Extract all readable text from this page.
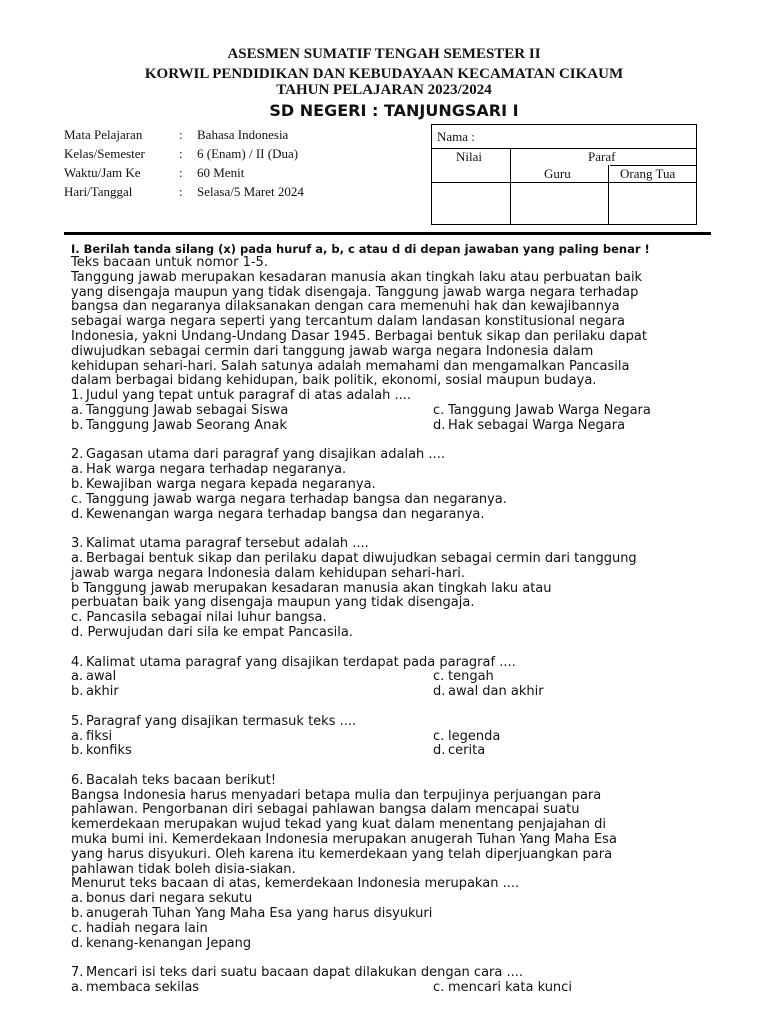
ASESMEN SUMATIF TENGAH SEMESTER II
KORWIL PENDIDIKAN DAN KEBUDAYAAN KECAMATAN CIKAUM
TAHUN PELAJARAN 2023/2024
SD NEGERI : TANJUNGSARI I
Mata Pelajaran	: Bahasa Indonesia
Kelas/Semester	: 6 (Enam) / II (Dua)
Waktu/Jam Ke	: 60 Menit
Hari/Tanggal	: Selasa/5 Maret 2024
Nama :
Nilai	Paraf
Guru	Orang Tua
I. Berilah tanda silang (x) pada huruf a, b, c atau d di depan jawaban yang paling benar !
Teks bacaan untuk nomor 1-5.
Tanggung jawab merupakan kesadaran manusia akan tingkah laku atau perbuatan baik
yang disengaja maupun yang tidak disengaja. Tanggung jawab warga negara terhadap
bangsa dan negaranya dilaksanakan dengan cara memenuhi hak dan kewajibannya
sebagai warga negara seperti yang tercantum dalam landasan konstitusional negara
Indonesia, yakni Undang-Undang Dasar 1945. Berbagai bentuk sikap dan perilaku dapat
diwujudkan sebagai cermin dari tanggung jawab warga negara Indonesia dalam
kehidupan sehari-hari. Salah satunya adalah memahami dan mengamalkan Pancasila
dalam berbagai bidang kehidupan, baik politik, ekonomi, sosial maupun budaya.
1. Judul yang tepat untuk paragraf di atas adalah ....
a. Tanggung Jawab sebagai Siswa	c. Tanggung Jawab Warga Negara
b. Tanggung Jawab Seorang Anak	d. Hak sebagai Warga Negara
2. Gagasan utama dari paragraf yang disajikan adalah ....
a. Hak warga negara terhadap negaranya.
b. Kewajiban warga negara kepada negaranya.
c. Tanggung jawab warga negara terhadap bangsa dan negaranya.
d. Kewenangan warga negara terhadap bangsa dan negaranya.
3. Kalimat utama paragraf tersebut adalah ....
a. Berbagai bentuk sikap dan perilaku dapat diwujudkan sebagai cermin dari tanggung
jawab warga negara Indonesia dalam kehidupan sehari-hari.
b Tanggung jawab merupakan kesadaran manusia akan tingkah laku atau
perbuatan baik yang disengaja maupun yang tidak disengaja.
c. Pancasila sebagai nilai luhur bangsa.
d. Perwujudan dari sila ke empat Pancasila.
4. Kalimat utama paragraf yang disajikan terdapat pada paragraf ....
a. awal	c. tengah
b. akhir	d. awal dan akhir
5. Paragraf yang disajikan termasuk teks ....
a. fiksi	c. legenda
b. konfiks	d. cerita
6. Bacalah teks bacaan berikut!
Bangsa Indonesia harus menyadari betapa mulia dan terpujinya perjuangan para
pahlawan. Pengorbanan diri sebagai pahlawan bangsa dalam mencapai suatu
kemerdekaan merupakan wujud tekad yang kuat dalam menentang penjajahan di
muka bumi ini. Kemerdekaan Indonesia merupakan anugerah Tuhan Yang Maha Esa
yang harus disyukuri. Oleh karena itu kemerdekaan yang telah diperjuangkan para
pahlawan tidak boleh disia-siakan.
Menurut teks bacaan di atas, kemerdekaan Indonesia merupakan ....
a. bonus dari negara sekutu
b. anugerah Tuhan Yang Maha Esa yang harus disyukuri
c. hadiah negara lain
d. kenang-kenangan Jepang
7. Mencari isi teks dari suatu bacaan dapat dilakukan dengan cara ....
a. membaca sekilas	c. mencari kata kunci
